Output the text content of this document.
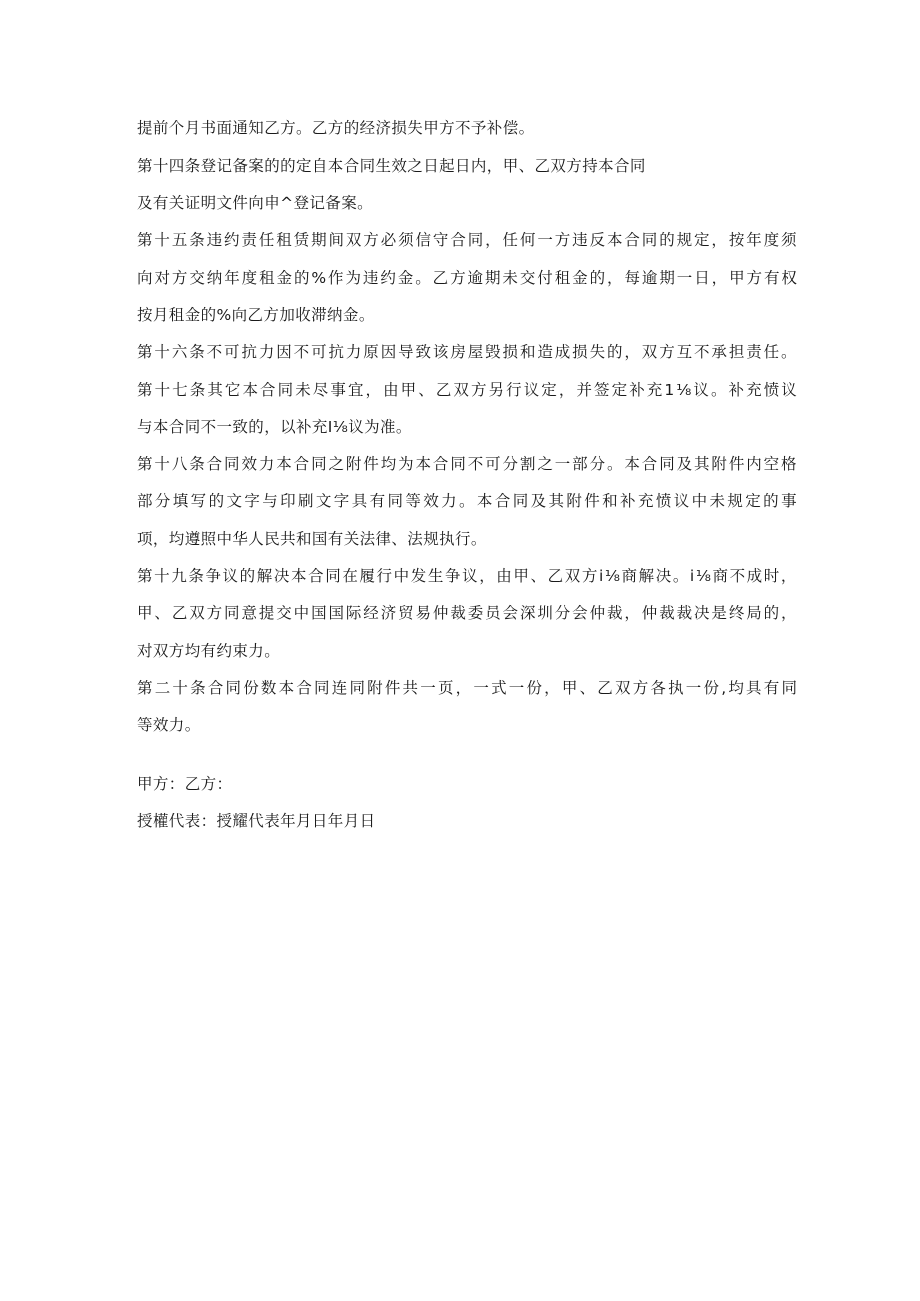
提前个月书面通知乙方。乙方的经济损失甲方不予补偿。
第十四条登记备案的的定自本合同生效之日起日内，甲、乙双方持本合同
及有关证明文件向申^登记备案。
第 十 五 条 违 约 责 任 租 赁 期 间 双 方 必 须 信 守 合 同 ， 任 何 一 方 违 反 本 合 同 的 规 定 ， 按 年 度 须
向 对 方 交 纳 年 度 租 金 的 % 作 为 违 约 金 。 乙 方 逾 期 未 交 付 租 金 的 ， 每 逾 期 一 日 ， 甲 方 有 权
按月租金的%向乙方加收滞纳金。
第 十 六 条 不 可 抗 力 因 不 可 抗 力 原 因 导 致 该 房 屋 毁 损 和 造 成 损 失 的 ， 双 方 互 不 承 担 责 任 。
第 十 七 条 其 它 本 合 同 未 尽 事 宜 ， 由 甲 、 乙 双 方 另 行 议 定 ， 并 签 定 补 充 1 ⅛ 议 。 补 充 愤 议
与本合同不一致的，以补充I⅛议为准。
第 十 八 条 合 同 效 力 本 合 同 之 附 件 均 为 本 合 同 不 可 分 割 之 一 部 分 。 本 合 同 及 其 附 件 内 空 格
部 分 填 写 的 文 字 与 印 刷 文 字 具 有 同 等 效 力 。 本 合 同 及 其 附 件 和 补 充 愤 议 中 未 规 定 的 事
项，均遵照中华人民共和国有关法律、法规执行。
第 十 九 条 争 议 的 解 决 本 合 同 在 履 行 中 发 生 争 议 ， 由 甲 、 乙 双 方 i ⅛ 商 解 决 。 i ⅛ 商 不 成 时 ，
甲 、 乙 双 方 同 意 提 交 中 国 国 际 经 济 贸 易 仲 裁 委 员 会 深 圳 分 会 仲 裁 ， 仲 裁 裁 决 是 终 局 的 ，
对双方均有约束力。
第 二 十 条 合 同 份 数 本 合 同 连 同 附 件 共 一 页 ， 一 式 一 份 ， 甲 、 乙 双 方 各 执 一 份 , 均 具 有 同
等效力。
甲方：乙方：
授權代表：授耀代表年月日年月日
